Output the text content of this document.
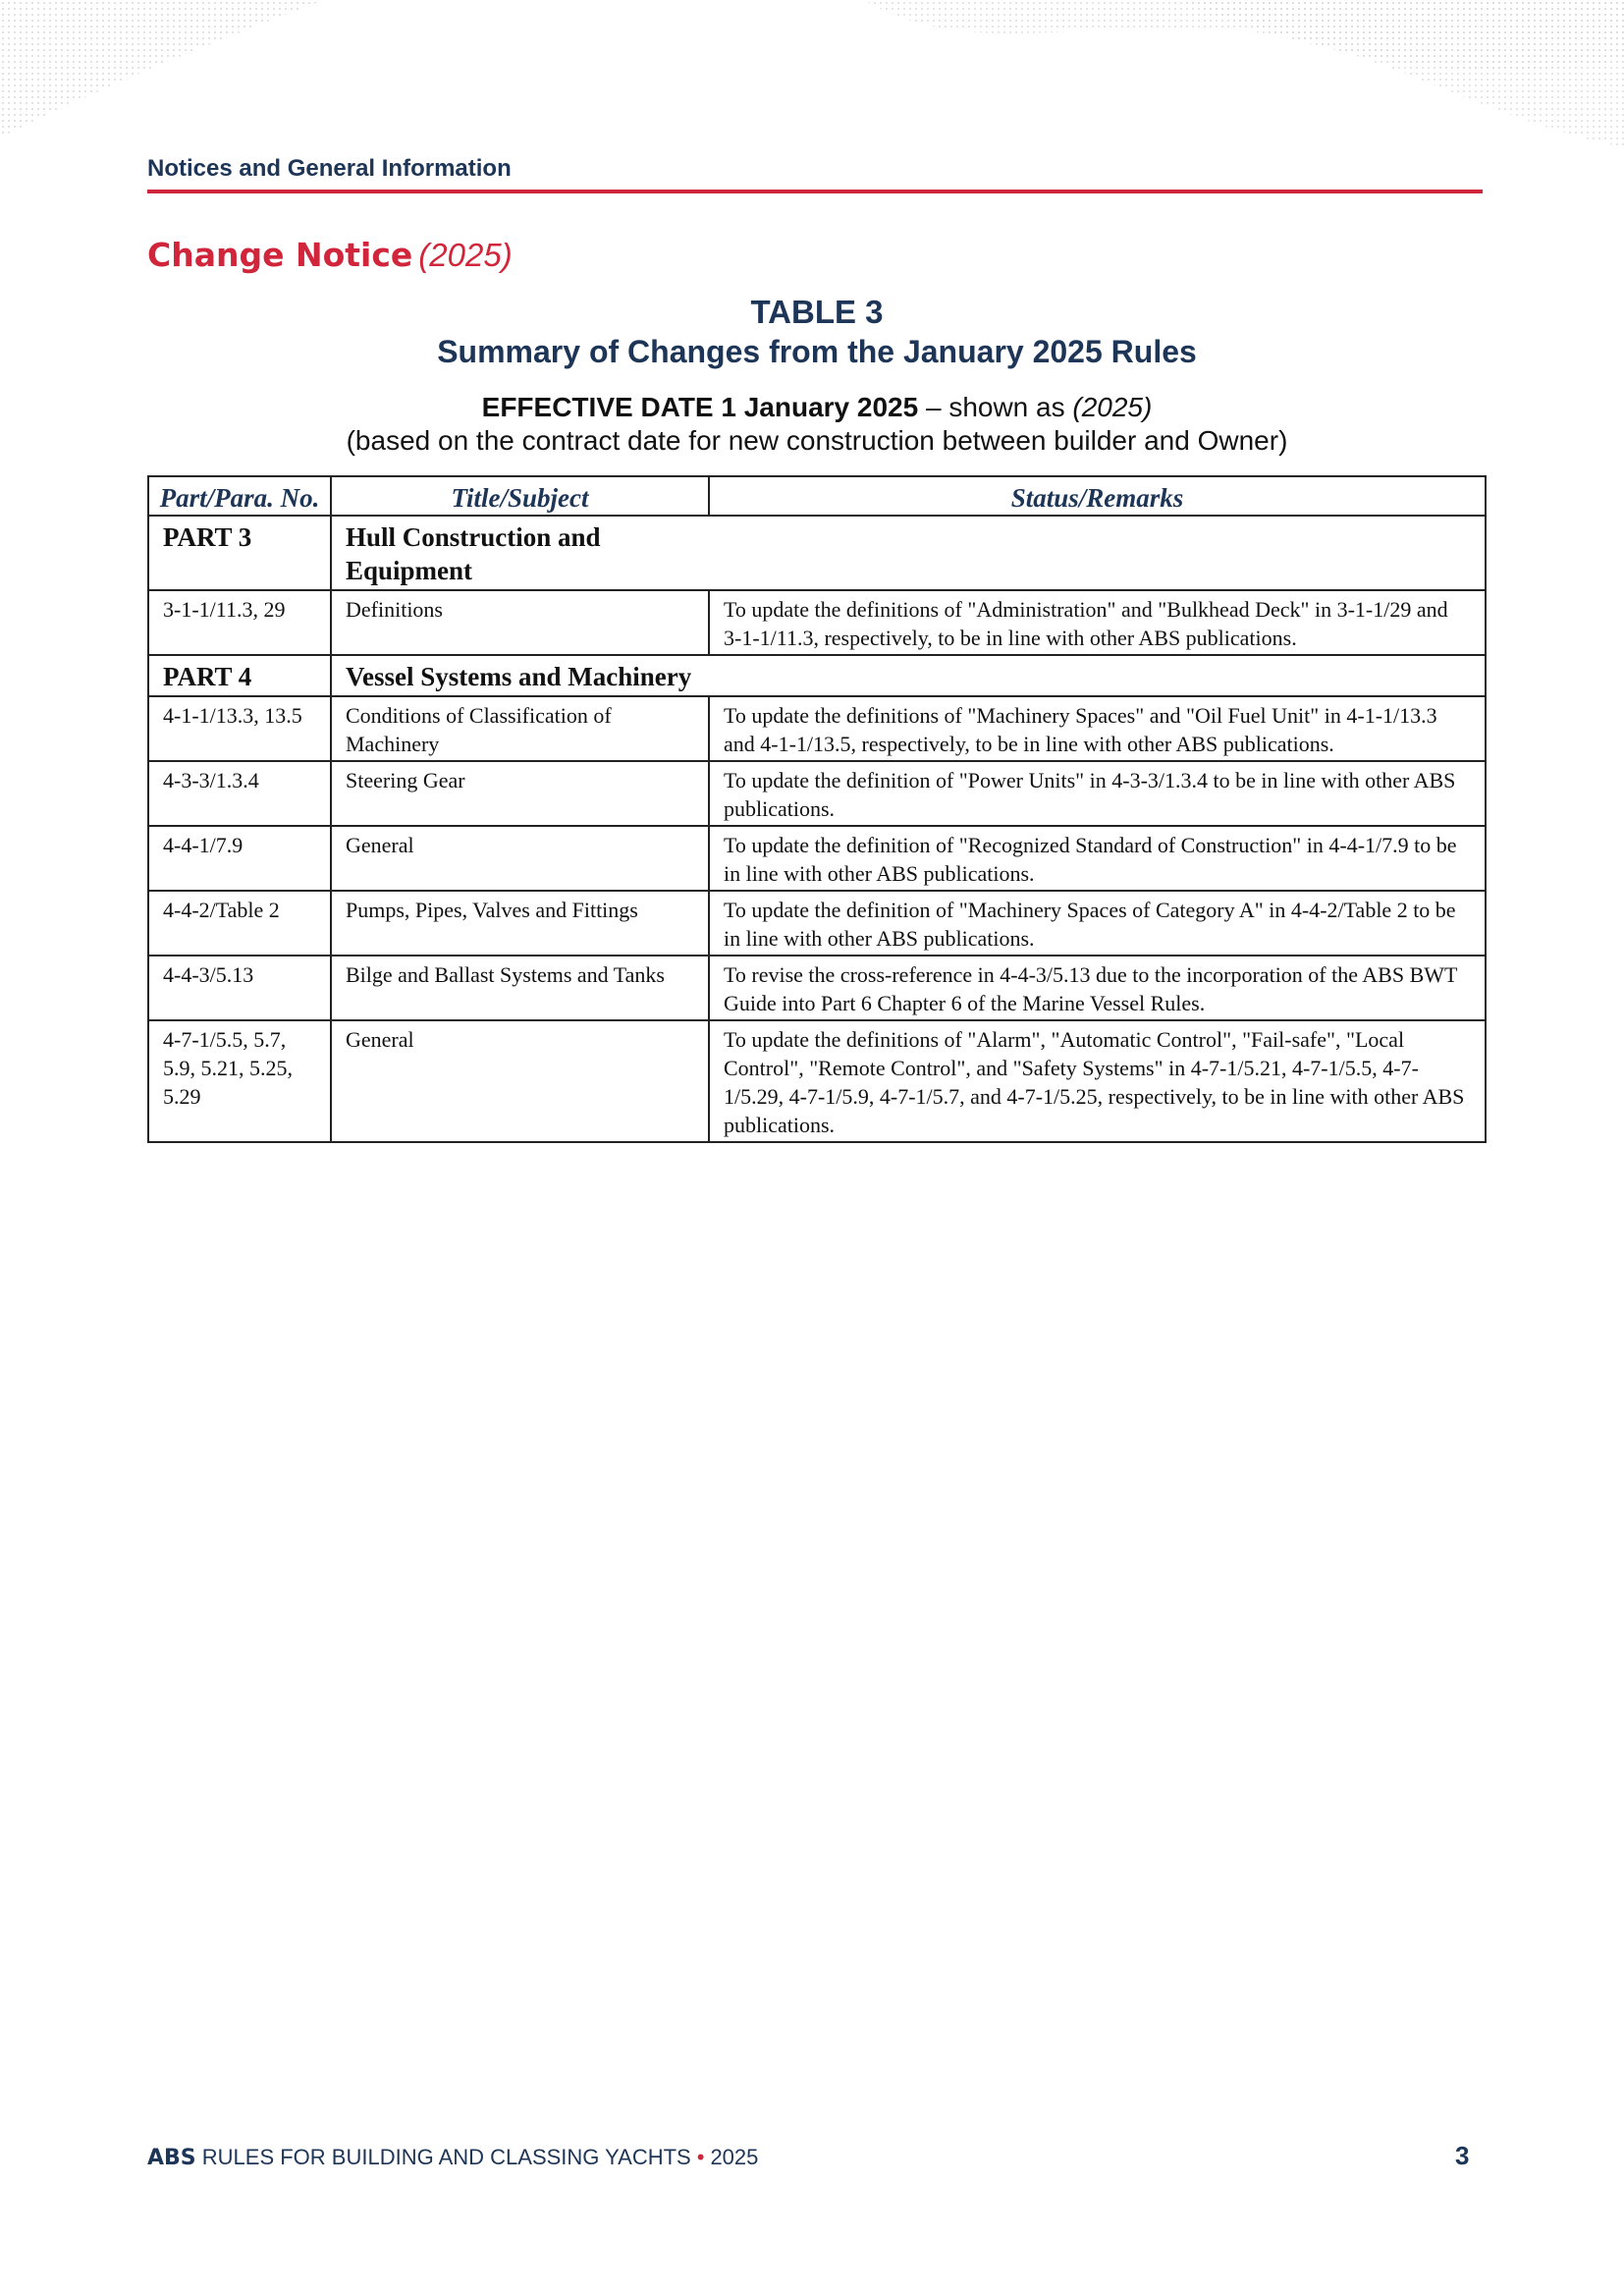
Notices and General Information
Change Notice (2025)
TABLE 3
Summary of Changes from the January 2025 Rules
EFFECTIVE DATE 1 January 2025 – shown as (2025)
(based on the contract date for new construction between builder and Owner)
Part/Para. No.	Title/Subject	Status/Remarks
PART 3	Hull Construction and Equipment	
3-1-1/11.3, 29	Definitions	To update the definitions of "Administration" and "Bulkhead Deck" in 3-1-1/29 and 3-1-1/11.3, respectively, to be in line with other ABS publications.
PART 4	Vessel Systems and Machinery	
4-1-1/13.3, 13.5	Conditions of Classification of Machinery	To update the definitions of "Machinery Spaces" and "Oil Fuel Unit" in 4-1-1/13.3 and 4-1-1/13.5, respectively, to be in line with other ABS publications.
4-3-3/1.3.4	Steering Gear	To update the definition of "Power Units" in 4-3-3/1.3.4 to be in line with other ABS publications.
4-4-1/7.9	General	To update the definition of "Recognized Standard of Construction" in 4-4-1/7.9 to be in line with other ABS publications.
4-4-2/Table 2	Pumps, Pipes, Valves and Fittings	To update the definition of "Machinery Spaces of Category A" in 4-4-2/Table 2 to be in line with other ABS publications.
4-4-3/5.13	Bilge and Ballast Systems and Tanks	To revise the cross-reference in 4-4-3/5.13 due to the incorporation of the ABS BWT Guide into Part 6 Chapter 6 of the Marine Vessel Rules.
4-7-1/5.5, 5.7, 5.9, 5.21, 5.25, 5.29	General	To update the definitions of "Alarm", "Automatic Control", "Fail-safe", "Local Control", "Remote Control", and "Safety Systems" in 4-7-1/5.21, 4-7-1/5.5, 4-7-1/5.29, 4-7-1/5.9, 4-7-1/5.7, and 4-7-1/5.25, respectively, to be in line with other ABS publications.
ABS RULES FOR BUILDING AND CLASSING YACHTS • 2025	3
